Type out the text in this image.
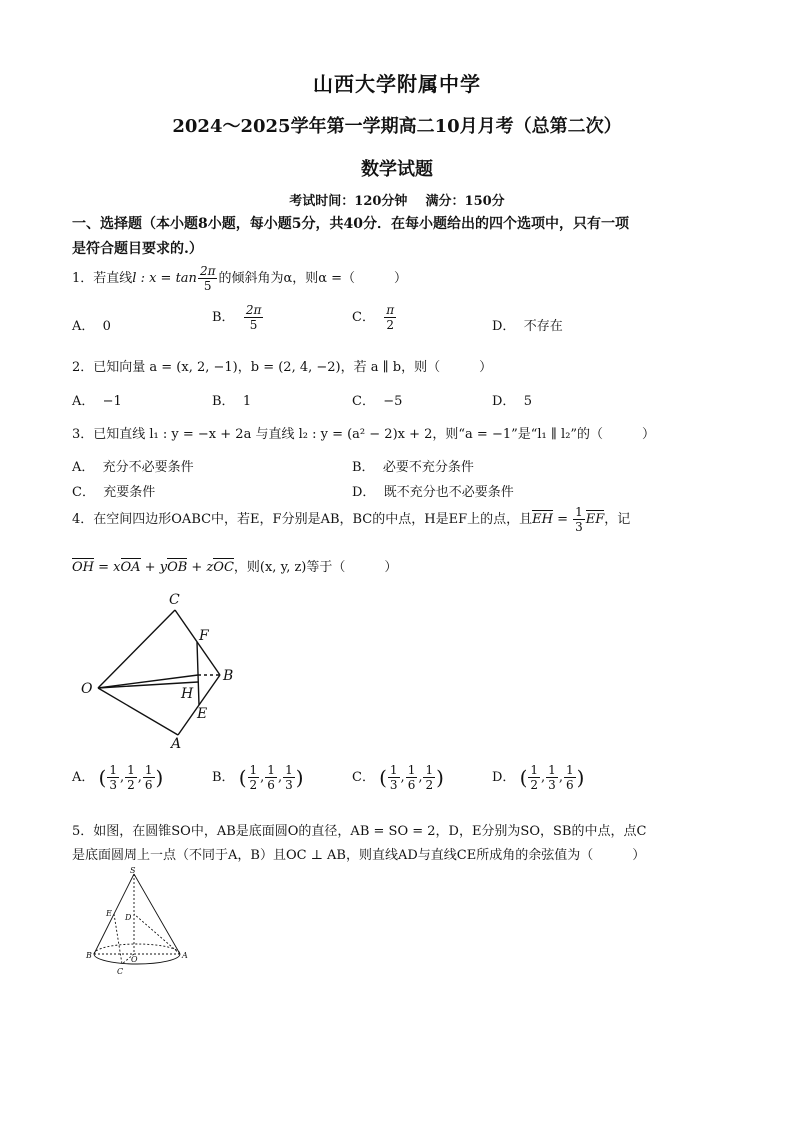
山西大学附属中学
2024～2025学年第一学期高二10月月考（总第二次）
数学试题
考试时间：120分钟    满分：150分
一、选择题（本小题8小题，每小题5分，共40分．在每小题给出的四个选项中，只有一项
是符合题目要求的.）
1．若直线l : $x = \tan \frac{2\pi}{5}$ 的倾斜角为α，则α =（　　　）
A． 0
B． $\frac{2\pi}{5}$	C． $\frac{\pi}{2}$	D． 不存在
2．已知向量 a = (x, 2, −1)，b = (2, 4, −2)，若 a ∥ b，则（　　　）
A． −1	B． 1	C． −5	D． 5
3．已知直线 l₁ : y = −x + 2a 与直线 l₂ : y = (a² − 2)x + 2，则“a = −1”是“l₁ ∥ l₂”的（　　　）
A． 充分不必要条件	B． 必要不充分条件
C． 充要条件	D． 既不充分也不必要条件
4．在空间四边形OABC中，若E，F分别是AB，BC的中点，H是EF上的点，且EH = $\frac{1}{3}$ EF，记
OH = xOA + yOB + zOC，则(x, y, z)等于（　　　）
C
F
B
O	H
E
A
A． ( $\frac{1}{3}$ , $\frac{1}{2}$ , $\frac{1}{6}$ )	B． ( $\frac{1}{2}$ , $\frac{1}{6}$ , $\frac{1}{3}$ )	C． ( $\frac{1}{3}$ , $\frac{1}{6}$ , $\frac{1}{2}$ )	D． ( $\frac{1}{2}$ , $\frac{1}{3}$ , $\frac{1}{6}$ )
5．如图，在圆锥SO中，AB是底面圆O的直径，AB = SO = 2，D，E分别为SO，SB的中点，点C
是底面圆周上一点（不同于A，B）且OC ⊥ AB，则直线AD与直线CE所成角的余弦值为（　　　）
S
E D
B	O	A
C
